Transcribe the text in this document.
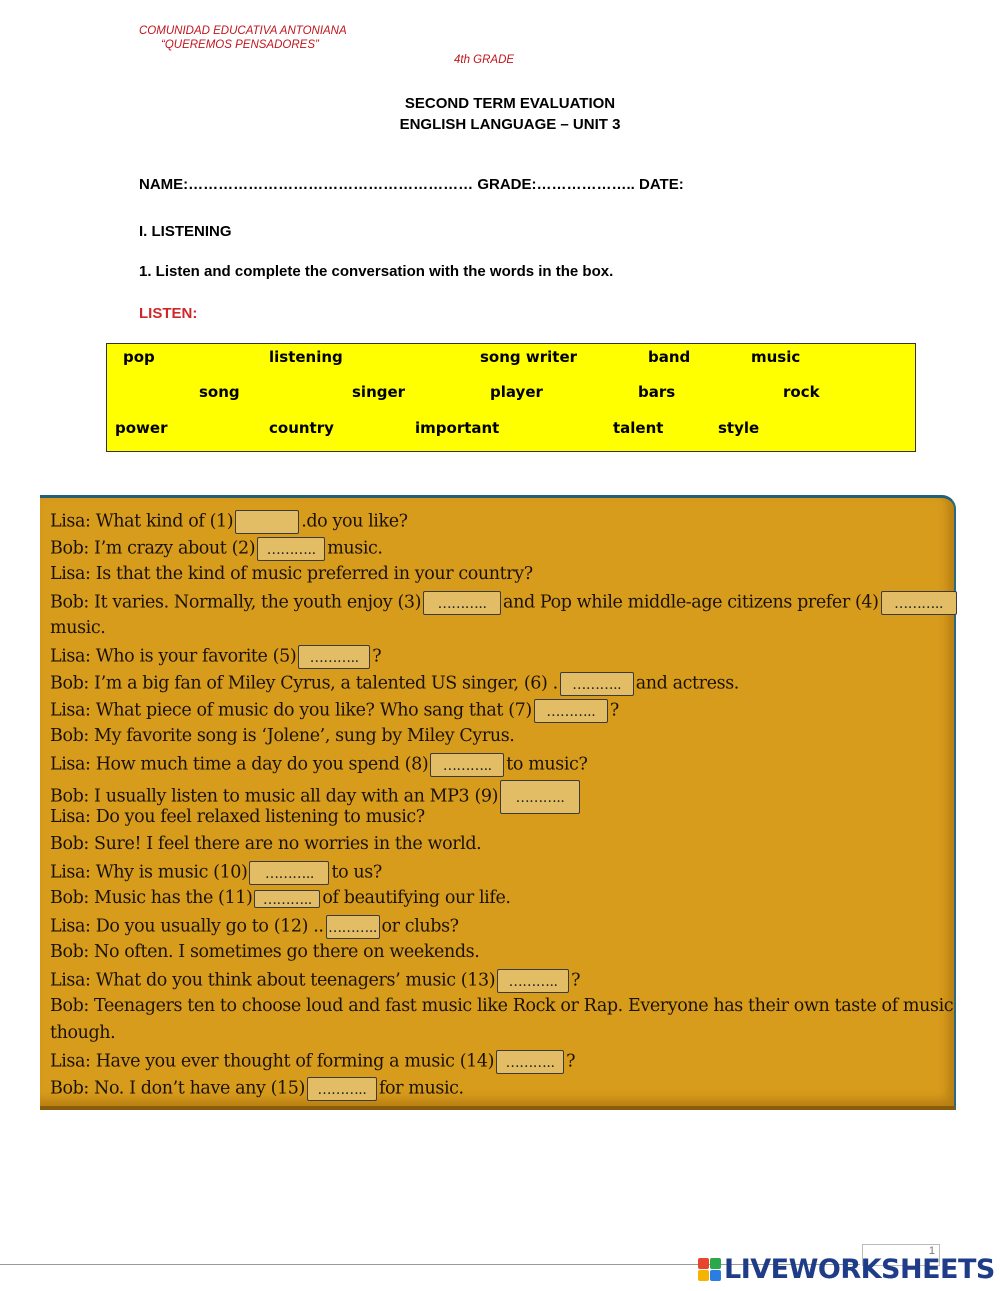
COMUNIDAD EDUCATIVA ANTONIANA
“QUEREMOS PENSADORES”
4th GRADE
SECOND TERM EVALUATION
ENGLISH LANGUAGE – UNIT 3
NAME:………………………………………………… GRADE:……………….. DATE:
I. LISTENING
1. Listen and complete the conversation with the words in the box.
LISTEN:
pop	listening	song writer	band	music
song	singer	player	bars	rock
power	country	important	talent	style
Lisa: What kind of (1)	.do you like?
Bob: I’m crazy about (2) ……….. music.
Lisa: Is that the kind of music preferred in your country?
Bob: It varies. Normally, the youth enjoy (3) ……….. and Pop while middle-age citizens prefer (4) ………..
music.
Lisa: Who is your favorite (5) ……….. ?
Bob: I’m a big fan of Miley Cyrus, a talented US singer, (6) . ……….. and actress.
Lisa: What piece of music do you like? Who sang that (7) ……….. ?
Bob: My favorite song is ‘Jolene’, sung by Miley Cyrus.
Lisa: How much time a day do you spend (8) ……….. to music?
Bob: I usually listen to music all day with an MP3 (9) ………..
Lisa: Do you feel relaxed listening to music?
Bob: Sure! I feel there are no worries in the world.
Lisa: Why is music (10) ……….. to us?
Bob: Music has the (11) ……….. of beautifying our life.
Lisa: Do you usually go to (12) .. ……….. or clubs?
Bob: No often. I sometimes go there on weekends.
Lisa: What do you think about teenagers’ music (13) ……….. ?
Bob: Teenagers ten to choose loud and fast music like Rock or Rap. Everyone has their own taste of music
though.
Lisa: Have you ever thought of forming a music (14) ……….. ?
Bob: No. I don’t have any (15) ……….. for music.
1
LIVEWORKSHEETS
